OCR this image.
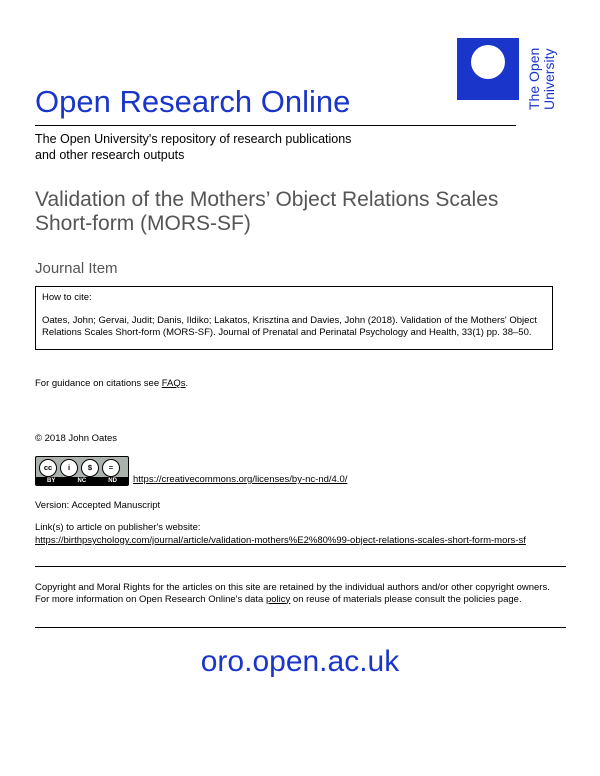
Open Research Online	The Open University
The Open University's repository of research publications
and other research outputs
Validation of the Mothers’ Object Relations Scales Short-form (MORS-SF)
Journal Item
How to cite:
Oates, John; Gervai, Judit; Danis, Ildiko; Lakatos, Krisztina and Davies, John (2018). Validation of the Mothers' Object Relations Scales Short-form (MORS-SF). Journal of Prenatal and Perinatal Psychology and Health, 33(1) pp. 38–50.
For guidance on citations see FAQs.
© 2018 John Oates
cc	i	$	=
BY	NC	ND https://creativecommons.org/licenses/by-nc-nd/4.0/
Version: Accepted Manuscript
Link(s) to article on publisher's website:
https://birthpsychology.com/journal/article/validation-mothers%E2%80%99-object-relations-scales-short-form-mors-sf
Copyright and Moral Rights for the articles on this site are retained by the individual authors and/or other copyright owners. For more information on Open Research Online's data policy on reuse of materials please consult the policies page.
oro.open.ac.uk
